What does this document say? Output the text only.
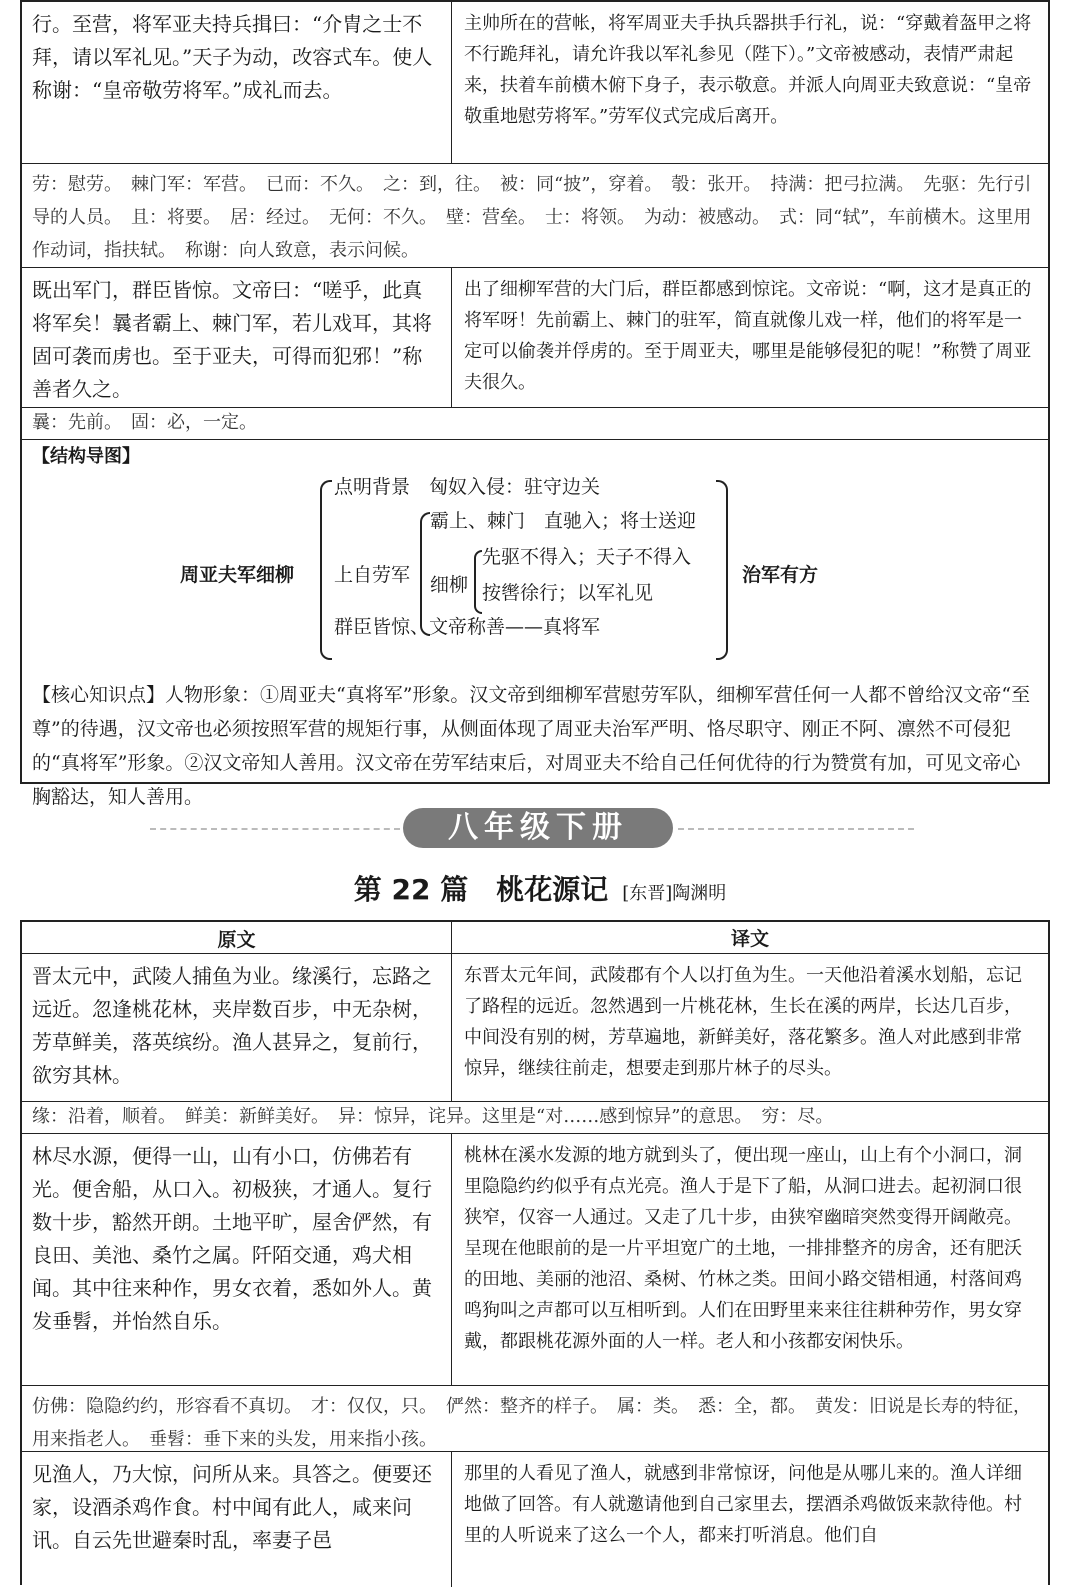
行。至营，将军亚夫持兵揖曰：“介胄之士不拜，请以军礼见。”天子为动，改容式车。使人称谢：“皇帝敬劳将军。”成礼而去。
主帅所在的营帐，将军周亚夫手执兵器拱手行礼，说：“穿戴着盔甲之将不行跪拜礼，请允许我以军礼参见（陛下）。”文帝被感动，表情严肃起来，扶着车前横木俯下身子，表示敬意。并派人向周亚夫致意说：“皇帝敬重地慰劳将军。”劳军仪式完成后离开。
劳：慰劳。　棘门军：军营。　已而：不久。　之：到，往。　被：同“披”，穿着。　彀：张开。　持满：把弓拉满。　先驱：先行引导的人员。　且：将要。　居：经过。　无何：不久。　壁：营垒。　士：将领。　为动：被感动。　式：同“轼”，车前横木。这里用作动词，指扶轼。　称谢：向人致意，表示问候。
既出军门，群臣皆惊。文帝曰：“嗟乎，此真将军矣！曩者霸上、棘门军，若儿戏耳，其将固可袭而虏也。至于亚夫，可得而犯邪！”称善者久之。
出了细柳军营的大门后，群臣都感到惊诧。文帝说：“啊，这才是真正的将军呀！先前霸上、棘门的驻军，简直就像儿戏一样，他们的将军是一定可以偷袭并俘虏的。至于周亚夫，哪里是能够侵犯的呢！”称赞了周亚夫很久。
曩：先前。　固：必，一定。
【结构导图】
周亚夫军细柳
点明背景　匈奴入侵：驻守边关
上自劳军
霸上、棘门　直驰入；将士送迎
细柳
先驱不得入；天子不得入
按辔徐行；以军礼见
群臣皆惊、文帝称善——真将军
治军有方
【核心知识点】人物形象：①周亚夫“真将军”形象。汉文帝到细柳军营慰劳军队，细柳军营任何一人都不曾给汉文帝“至尊”的待遇，汉文帝也必须按照军营的规矩行事，从侧面体现了周亚夫治军严明、恪尽职守、刚正不阿、凛然不可侵犯的“真将军”形象。②汉文帝知人善用。汉文帝在劳军结束后，对周亚夫不给自己任何优待的行为赞赏有加，可见文帝心胸豁达，知人善用。
八年级下册
第 22 篇　桃花源记 [东晋]陶渊明
原文	译文
晋太元中，武陵人捕鱼为业。缘溪行，忘路之远近。忽逢桃花林，夹岸数百步，中无杂树，芳草鲜美，落英缤纷。渔人甚异之，复前行，欲穷其林。
东晋太元年间，武陵郡有个人以打鱼为生。一天他沿着溪水划船，忘记了路程的远近。忽然遇到一片桃花林，生长在溪的两岸，长达几百步，中间没有别的树，芳草遍地，新鲜美好，落花繁多。渔人对此感到非常惊异，继续往前走，想要走到那片林子的尽头。
缘：沿着，顺着。　鲜美：新鲜美好。　异：惊异，诧异。这里是“对……感到惊异”的意思。　穷：尽。
林尽水源，便得一山，山有小口，仿佛若有光。便舍船，从口入。初极狭，才通人。复行数十步，豁然开朗。土地平旷，屋舍俨然，有良田、美池、桑竹之属。阡陌交通，鸡犬相闻。其中往来种作，男女衣着，悉如外人。黄发垂髫，并怡然自乐。
桃林在溪水发源的地方就到头了，便出现一座山，山上有个小洞口，洞里隐隐约约似乎有点光亮。渔人于是下了船，从洞口进去。起初洞口很狭窄，仅容一人通过。又走了几十步，由狭窄幽暗突然变得开阔敞亮。呈现在他眼前的是一片平坦宽广的土地，一排排整齐的房舍，还有肥沃的田地、美丽的池沼、桑树、竹林之类。田间小路交错相通，村落间鸡鸣狗叫之声都可以互相听到。人们在田野里来来往往耕种劳作，男女穿戴，都跟桃花源外面的人一样。老人和小孩都安闲快乐。
仿佛：隐隐约约，形容看不真切。　才：仅仅，只。　俨然：整齐的样子。　属：类。　悉：全，都。　黄发：旧说是长寿的特征，用来指老人。　垂髫：垂下来的头发，用来指小孩。
见渔人，乃大惊，问所从来。具答之。便要还家，设酒杀鸡作食。村中闻有此人，咸来问讯。自云先世避秦时乱，率妻子邑
那里的人看见了渔人，就感到非常惊讶，问他是从哪儿来的。渔人详细地做了回答。有人就邀请他到自己家里去，摆酒杀鸡做饭来款待他。村里的人听说来了这么一个人，都来打听消息。他们自
